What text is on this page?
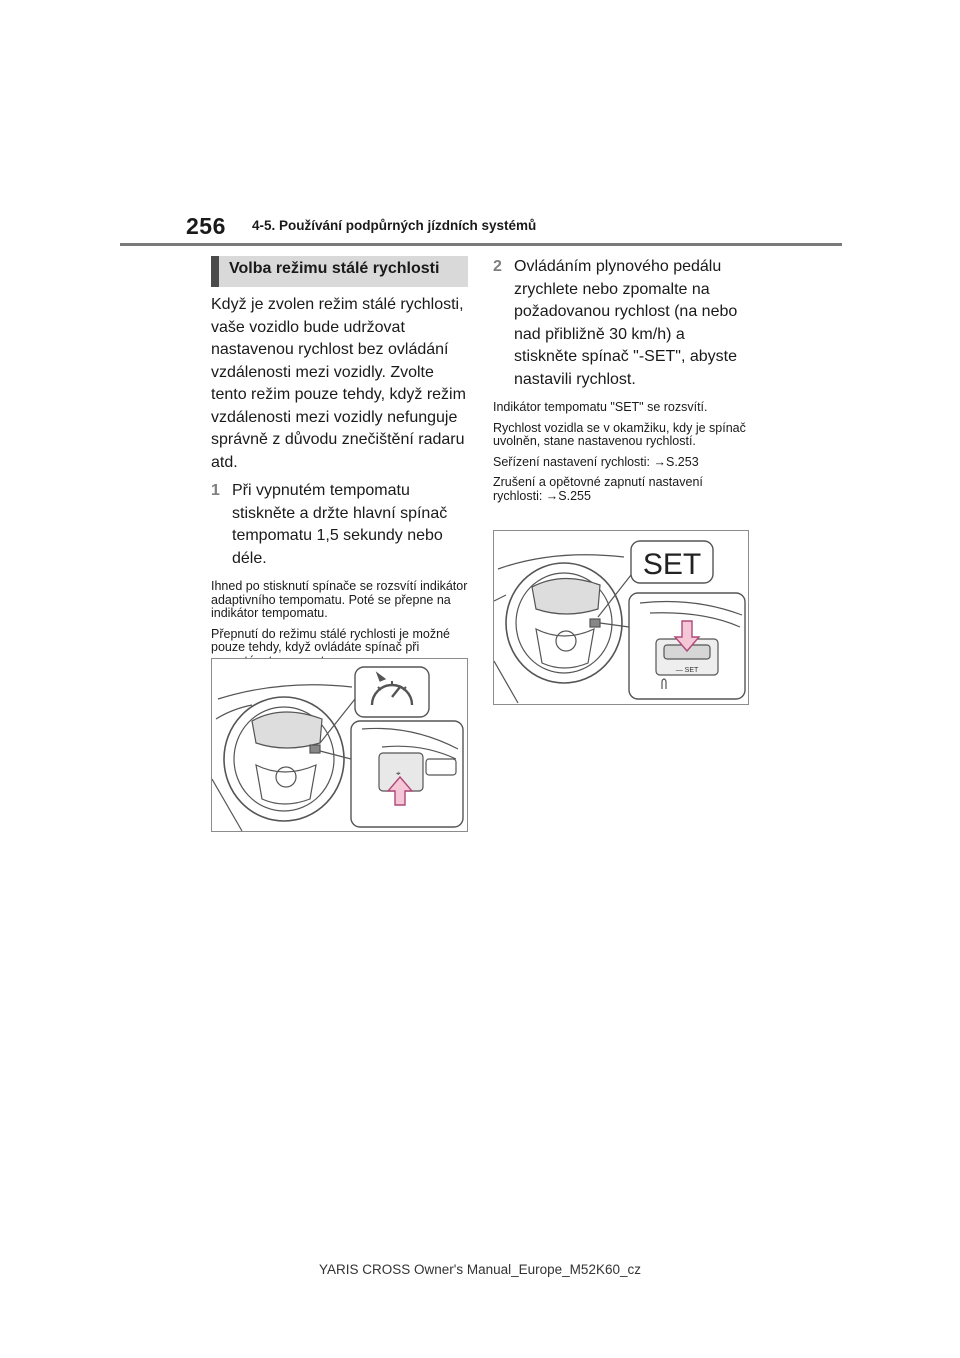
256 4-5. Používání podpůrných jízdních systémů
Volba režimu stálé rychlosti

Když je zvolen režim stálé rychlosti, vaše vozidlo bude udržovat nastavenou rychlost bez ovládání vzdálenosti mezi vozidly. Zvolte tento režim pouze tehdy, když režim vzdálenosti mezi vozidly nefunguje správně z důvodu znečištění radaru atd.

1 Při vypnutém tempomatu stiskněte a držte hlavní spínač tempomatu 1,5 sekundy nebo déle.

Ihned po stisknutí spínače se rozsvítí indikátor adaptivního tempomatu. Poté se přepne na indikátor tempomatu.

Přepnutí do režimu stálé rychlosti je možné pouze tehdy, když ovládáte spínač při

2 Ovládáním plynového pedálu zrychlete nebo zpomalte na požadovanou rychlost (na nebo nad přibližně 30 km/h) a stiskněte spínač "-SET", abyste nastavili rychlost.

Indikátor tempomatu "SET" se rozsvítí.

Rychlost vozidla se v okamžiku, kdy je spínač uvolněn, stane nastavenou rychlostí.

Seřízení nastavení rychlosti: →S.253

Zrušení a opětovné zapnutí nastavení rychlosti: →S.255

⌖
SET
— SET
YARIS CROSS Owner's Manual_Europe_M52K60_cz
